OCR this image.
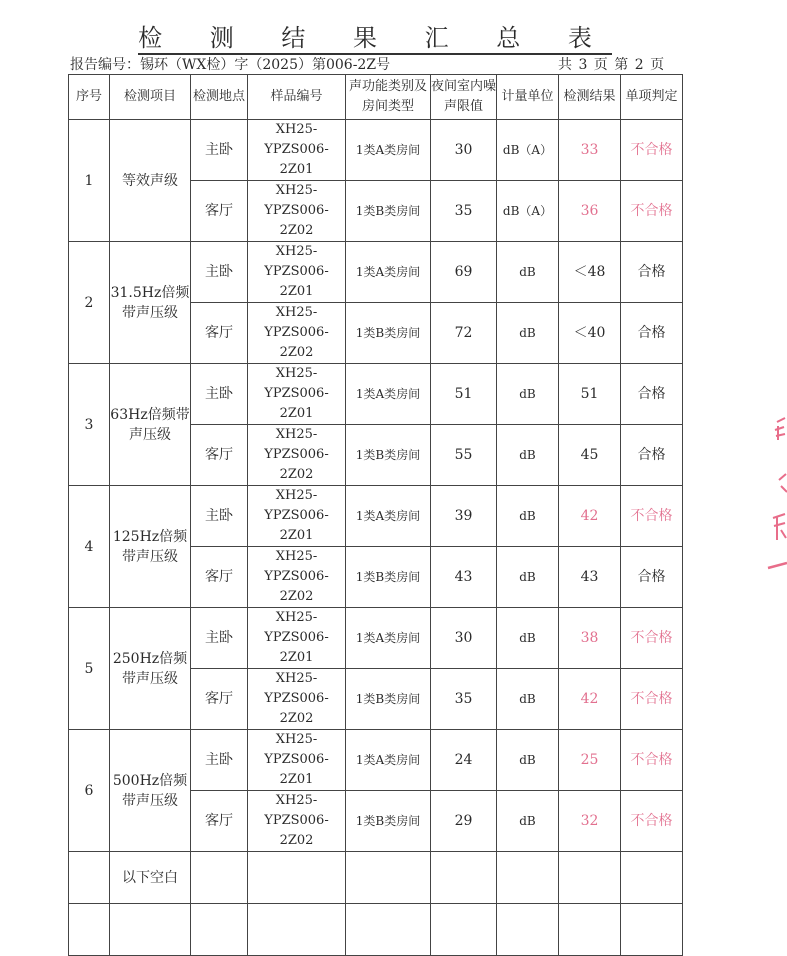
检 测 结 果 汇 总 表
报告编号：锡环（WX检）字（2025）第006-2Z号	共 3 页 第 2 页
序号	检测项目	检测地点	样品编号	声功能类别及房间类型	夜间室内噪声限值	计量单位	检测结果	单项判定
1	等效声级	主卧	XH25-YPZS006-2Z01	1类A类房间	30	dB（A）	33	不合格
		客厅	XH25-YPZS006-2Z02	1类B类房间	35	dB（A）	36	不合格
2	31.5Hz倍频带声压级	主卧	XH25-YPZS006-2Z01	1类A类房间	69	dB	＜48	合格
		客厅	XH25-YPZS006-2Z02	1类B类房间	72	dB	＜40	合格
3	63Hz倍频带声压级	主卧	XH25-YPZS006-2Z01	1类A类房间	51	dB	51	合格
		客厅	XH25-YPZS006-2Z02	1类B类房间	55	dB	45	合格
4	125Hz倍频带声压级	主卧	XH25-YPZS006-2Z01	1类A类房间	39	dB	42	不合格
		客厅	XH25-YPZS006-2Z02	1类B类房间	43	dB	43	合格
5	250Hz倍频带声压级	主卧	XH25-YPZS006-2Z01	1类A类房间	30	dB	38	不合格
		客厅	XH25-YPZS006-2Z02	1类B类房间	35	dB	42	不合格
6	500Hz倍频带声压级	主卧	XH25-YPZS006-2Z01	1类A类房间	24	dB	25	不合格
		客厅	XH25-YPZS006-2Z02	1类B类房间	29	dB	32	不合格
	以下空白							
